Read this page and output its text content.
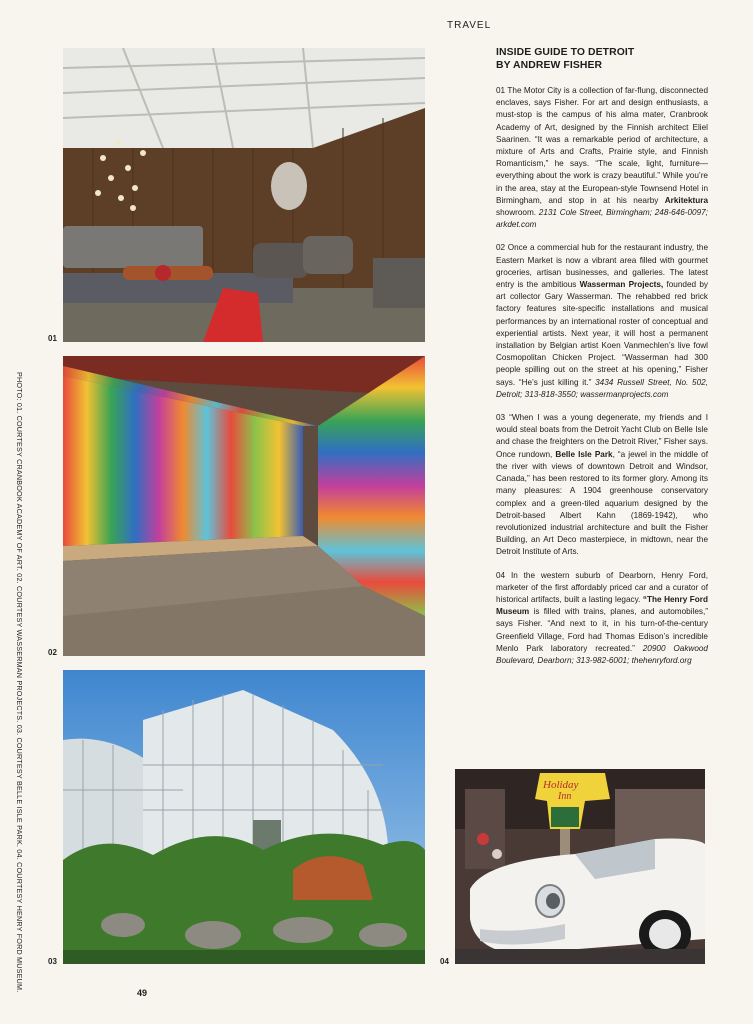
TRAVEL
PHOTO: 01. COURTESY CRANBOOK ACADEMY OF ART. 02. COURTESY WASSERMAN PROJECTS. 03. COURTESY BELLE ISLE PARK. 04. COURTESY HENRY FORD MUSEUM.
01
02
03
Holiday
Inn
04
INSIDE GUIDE TO DETROIT
BY ANDREW FISHER

01 The Motor City is a collection of far-flung, disconnected enclaves, says Fisher. For art and design enthusiasts, a must-stop is the campus of his alma mater, Cranbrook Academy of Art, designed by the Finnish architect Eliel Saarinen. “It was a remarkable period of architecture, a mixture of Arts and Crafts, Prairie style, and Finnish Romanticism,” he says. “The scale, light, furniture—everything about the work is crazy beautiful.” While you’re in the area, stay at the European-style Townsend Hotel in Birmingham, and stop in at his nearby Arkitektura showroom. 2131 Cole Street, Birmingham; 248-646-0097; arkdet.com

02 Once a commercial hub for the restaurant industry, the Eastern Market is now a vibrant area filled with gourmet groceries, artisan businesses, and galleries. The latest entry is the ambitious Wasserman Projects, founded by art collector Gary Wasserman. The rehabbed red brick factory features site-specific installations and musical performances by an international roster of conceptual and experiential artists. Next year, it will host a permanent installation by Belgian artist Koen Vanmechlen’s live fowl Cosmopolitan Chicken Project. “Wasserman had 300 people spilling out on the street at his opening,” Fisher says. “He’s just killing it.” 3434 Russell Street, No. 502, Detroit; 313-818-3550; wassermanprojects.com

03 “When I was a young degenerate, my friends and I would steal boats from the Detroit Yacht Club on Belle Isle and chase the freighters on the Detroit River,” Fisher says. Once rundown, Belle Isle Park, “a jewel in the middle of the river with views of downtown Detroit and Windsor, Canada,” has been restored to its former glory. Among its many pleasures: A 1904 greenhouse conservatory complex and a green-tiled aquarium designed by the Detroit-based Albert Kahn (1869-1942), who revolutionized industrial architecture and built the Fisher Building, an Art Deco masterpiece, in midtown, near the Detroit Institute of Arts.

04 In the western suburb of Dearborn, Henry Ford, marketer of the first affordably priced car and a curator of historical artifacts, built a lasting legacy. “The Henry Ford Museum is filled with trains, planes, and automobiles,” says Fisher. “And next to it, in his turn-of-the-century Greenfield Village, Ford had Thomas Edison’s incredible Menlo Park laboratory recreated.” 20900 Oakwood Boulevard, Dearborn; 313-982-6001; thehenryford.org

49
